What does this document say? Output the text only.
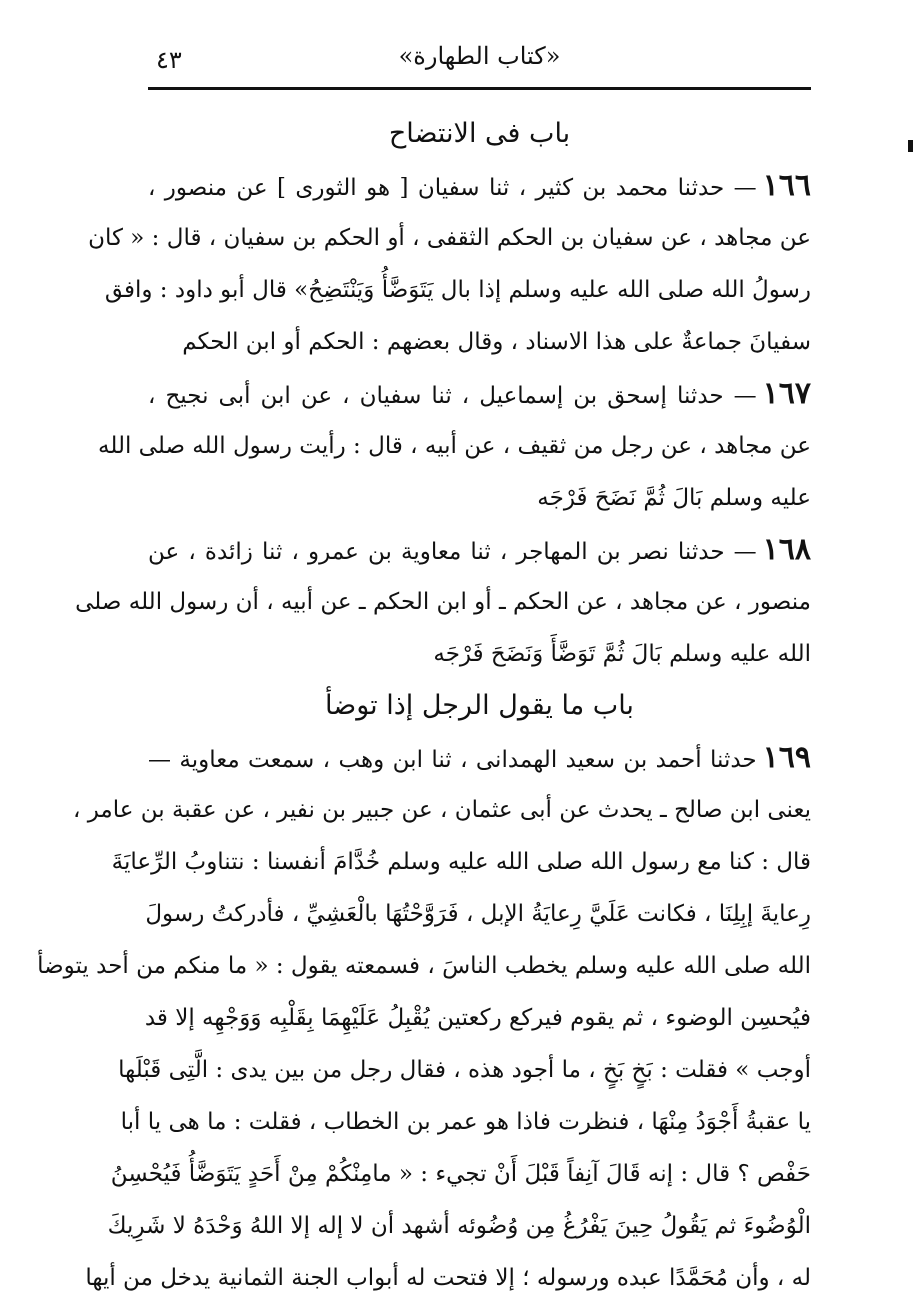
«كتاب الطهارة»
٤٣
باب فى الانتضاح
١٦٦— حدثنا محمد بن كثير ، ثنا سفيان [ هو الثورى ] عن منصور ،
عن مجاهد ، عن سفيان بن الحكم الثقفى ، أو الحكم بن سفيان ، قال : « كان
رسولُ الله صلى الله عليه وسلم إذا بال يَتَوَضَّأُ وَيَنْتَضِحُ» قال أبو داود : وافق
سفيانَ جماعةٌ على هذا الاسناد ، وقال بعضهم : الحكم أو ابن الحكم
١٦٧— حدثنا إسحق بن إسماعيل ، ثنا سفيان ، عن ابن أبى نجيح ،
عن مجاهد ، عن رجل من ثقيف ، عن أبيه ، قال : رأيت رسول الله صلى الله
عليه وسلم بَالَ ثُمَّ نَضَحَ فَرْجَه
١٦٨— حدثنا نصر بن المهاجر ، ثنا معاوية بن عمرو ، ثنا زائدة ، عن
منصور ، عن مجاهد ، عن الحكم ـ أو ابن الحكم ـ عن أبيه ، أن رسول الله صلى
الله عليه وسلم بَالَ ثُمَّ تَوَضَّأَ وَنَضَحَ فَرْجَه
باب ما يقول الرجل إذا توضأ
١٦٩حدثنا أحمد بن سعيد الهمدانى ، ثنا ابن وهب ، سمعت معاوية —
يعنى ابن صالح ـ يحدث عن أبى عثمان ، عن جبير بن نفير ، عن عقبة بن عامر ،
قال : كنا مع رسول الله صلى الله عليه وسلم خُدَّامَ أنفسنا : نتناوبُ الرِّعايَةَ
رِعايةَ إبِلِنَا ، فكانت عَلَيَّ رِعايَةُ الإبل ، فَرَوَّحْتُهَا بالْعَشِيِّ ، فأدركتُ رسولَ
الله صلى الله عليه وسلم يخطب الناسَ ، فسمعته يقول : « ما منكم من أحد يتوضأ
فيُحسِن الوضوء ، ثم يقوم فيركع ركعتين يُقْبِلُ عَلَيْهِمَا بِقَلْبِه وَوَجْهِه إلا قد
أوجب » فقلت : بَخٍ بَخٍ ، ما أجود هذه ، فقال رجل من بين يدى : الَّتِى قَبْلَها
يا عقبةُ أَجْوَدُ مِنْهَا ، فنظرت فاذا هو عمر بن الخطاب ، فقلت : ما هى يا أبا
حَفْص ؟ قال : إنه قَالَ آنِفاً قَبْلَ أَنْ تجيء : « مامِنْكُمْ مِنْ أَحَدٍ يَتَوَضَّأُ فَيُحْسِنُ
الْوُضُوءَ ثم يَقُولُ حِينَ يَفْرُغُ مِن وُضُوئه أشهد أن لا إله إلا اللهُ وَحْدَهُ لا شَرِيكَ
له ، وأن مُحَمَّدًا عبده ورسوله ؛ إلا فتحت له أبواب الجنة الثمانية يدخل من أيها
